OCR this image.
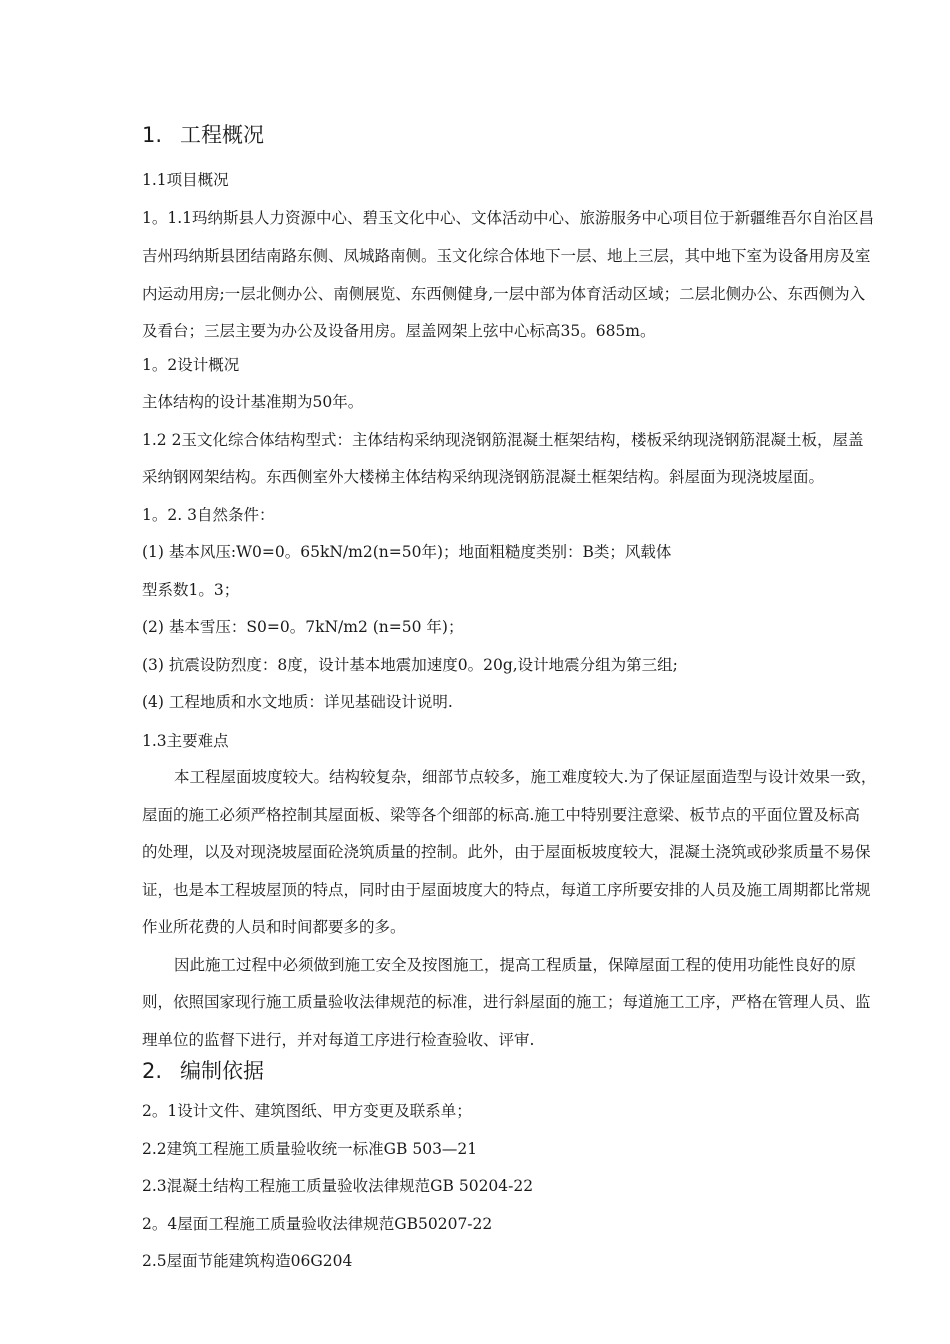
1. 工程概况
1.1项目概况
1。1.1玛纳斯县人力资源中心、碧玉文化中心、文体活动中心、旅游服务中心项目位于新疆维吾尔自治区昌
吉州玛纳斯县团结南路东侧、凤城路南侧。玉文化综合体地下一层、地上三层，其中地下室为设备用房及室
内运动用房;一层北侧办公、南侧展览、东西侧健身,一层中部为体育活动区域；二层北侧办公、东西侧为入
及看台；三层主要为办公及设备用房。屋盖网架上弦中心标高35。685m。
1。2设计概况
主体结构的设计基准期为50年。
1.2 2玉文化综合体结构型式：主体结构采纳现浇钢筋混凝土框架结构，楼板采纳现浇钢筋混凝土板，屋盖
采纳钢网架结构。东西侧室外大楼梯主体结构采纳现浇钢筋混凝土框架结构。斜屋面为现浇坡屋面。
1。2. 3自然条件：
(1) 基本风压:W0=0。65kN/m2(n=50年)；地面粗糙度类别：B类；风载体
型系数1。3；
(2) 基本雪压：S0=0。7kN/m2 (n=50 年)；
(3) 抗震设防烈度：8度，设计基本地震加速度0。20g,设计地震分组为第三组;
(4) 工程地质和水文地质：详见基础设计说明.
1.3主要难点
本工程屋面坡度较大。结构较复杂，细部节点较多，施工难度较大.为了保证屋面造型与设计效果一致，
屋面的施工必须严格控制其屋面板、梁等各个细部的标高.施工中特别要注意梁、板节点的平面位置及标高
的处理，以及对现浇坡屋面砼浇筑质量的控制。此外，由于屋面板坡度较大，混凝土浇筑或砂浆质量不易保
证，也是本工程坡屋顶的特点，同时由于屋面坡度大的特点，每道工序所要安排的人员及施工周期都比常规
作业所花费的人员和时间都要多的多。
因此施工过程中必须做到施工安全及按图施工，提高工程质量，保障屋面工程的使用功能性良好的原
则，依照国家现行施工质量验收法律规范的标准，进行斜屋面的施工；每道施工工序，严格在管理人员、监
理单位的监督下进行，并对每道工序进行检查验收、评审.
2. 编制依据
2。1设计文件、建筑图纸、甲方变更及联系单；
2.2建筑工程施工质量验收统一标准GB 503—21
2.3混凝土结构工程施工质量验收法律规范GB 50204-22
2。4屋面工程施工质量验收法律规范GB50207-22
2.5屋面节能建筑构造06G204
